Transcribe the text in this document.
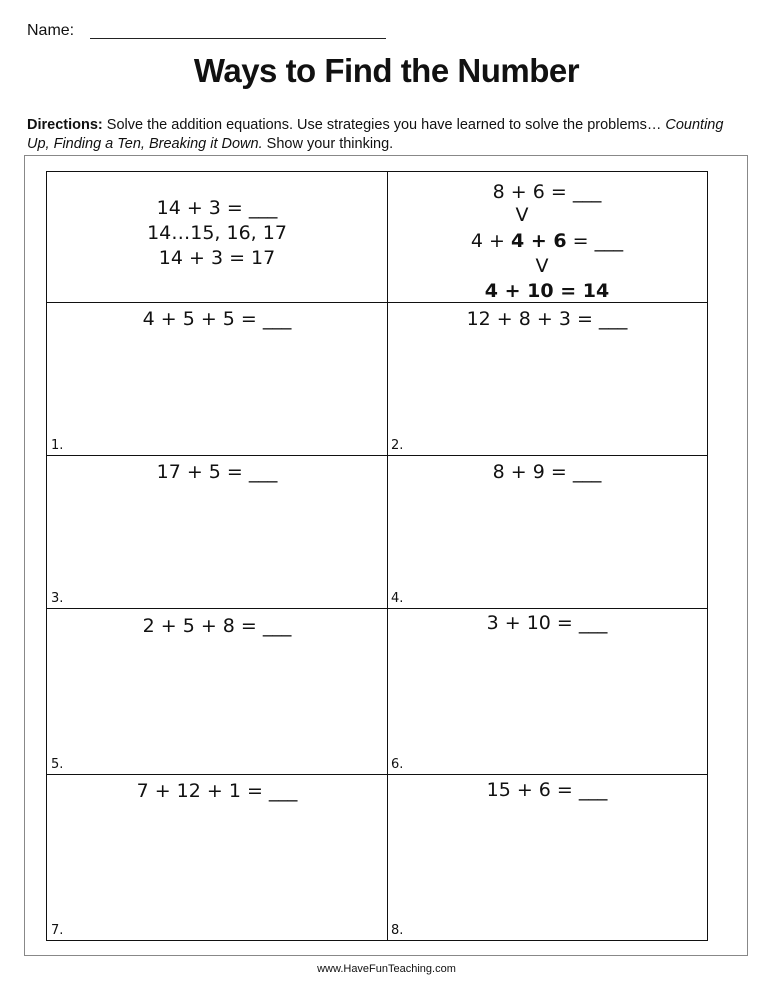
Name:
Ways to Find the Number
Directions: Solve the addition equations. Use strategies you have learned to solve the problems… Counting Up, Finding a Ten, Breaking it Down. Show your thinking.
14 + 3 = ___
14…15, 16, 17
14 + 3 = 17
8 + 6 = ___
V
4 + 4 + 6 = ___
V
4 + 10 = 14
4 + 5 + 5 = ___
1.
12 + 8 + 3 = ___
2.
17 + 5 = ___
3.
8 + 9 = ___
4.
2 + 5 + 8 = ___
5.
3 + 10 = ___
6.
7 + 12 + 1 = ___
7.
15 + 6 = ___
8.
www.HaveFunTeaching.com
